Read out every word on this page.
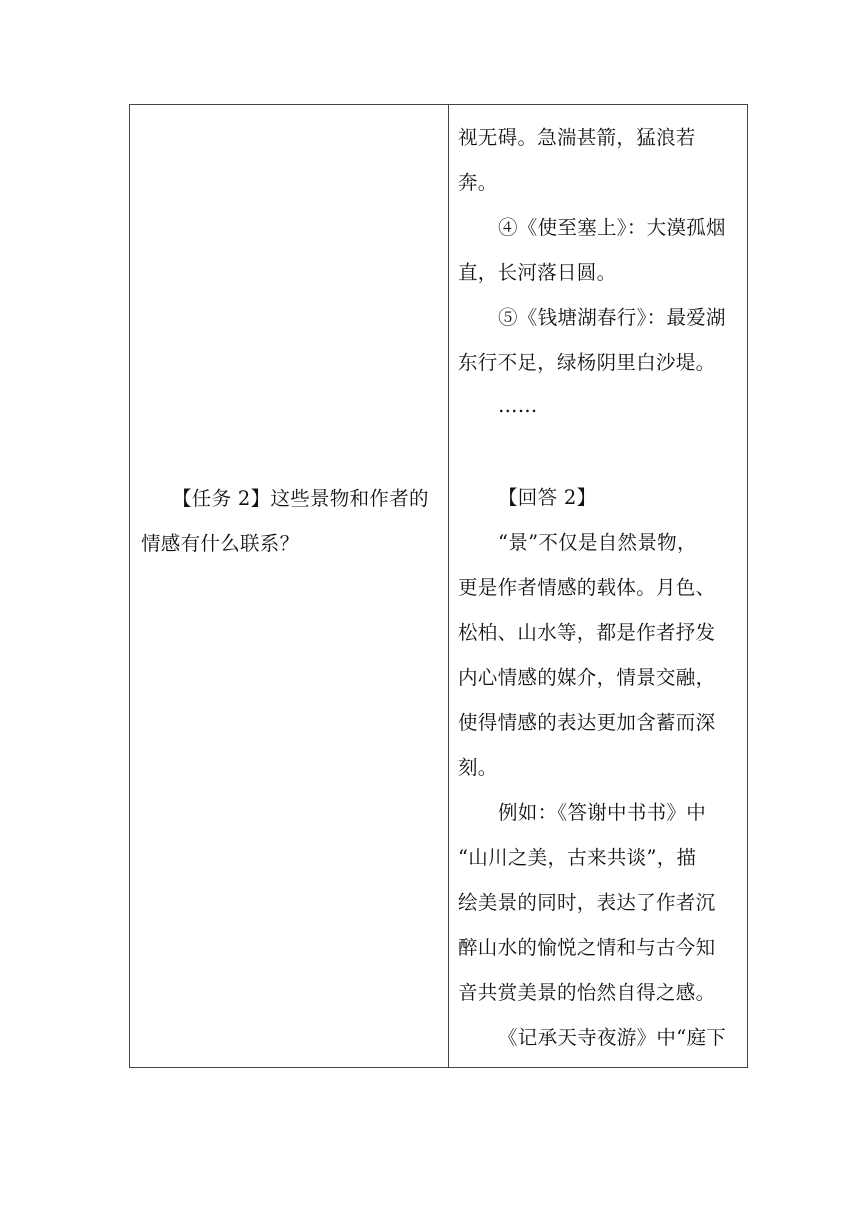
【任务 2】这些景物和作者的
情感有什么联系？
视无碍。急湍甚箭，猛浪若
奔。
④《使至塞上》：大漠孤烟
直，长河落日圆。
⑤《钱塘湖春行》：最爱湖
东行不足，绿杨阴里白沙堤。
……
【回答 2】
“景”不仅是自然景物，
更是作者情感的载体。月色、
松柏、山水等，都是作者抒发
内心情感的媒介，情景交融，
使得情感的表达更加含蓄而深
刻。
例如：《答谢中书书》中
“山川之美，古来共谈”，描
绘美景的同时，表达了作者沉
醉山水的愉悦之情和与古今知
音共赏美景的怡然自得之感。
《记承天寺夜游》中“庭下
